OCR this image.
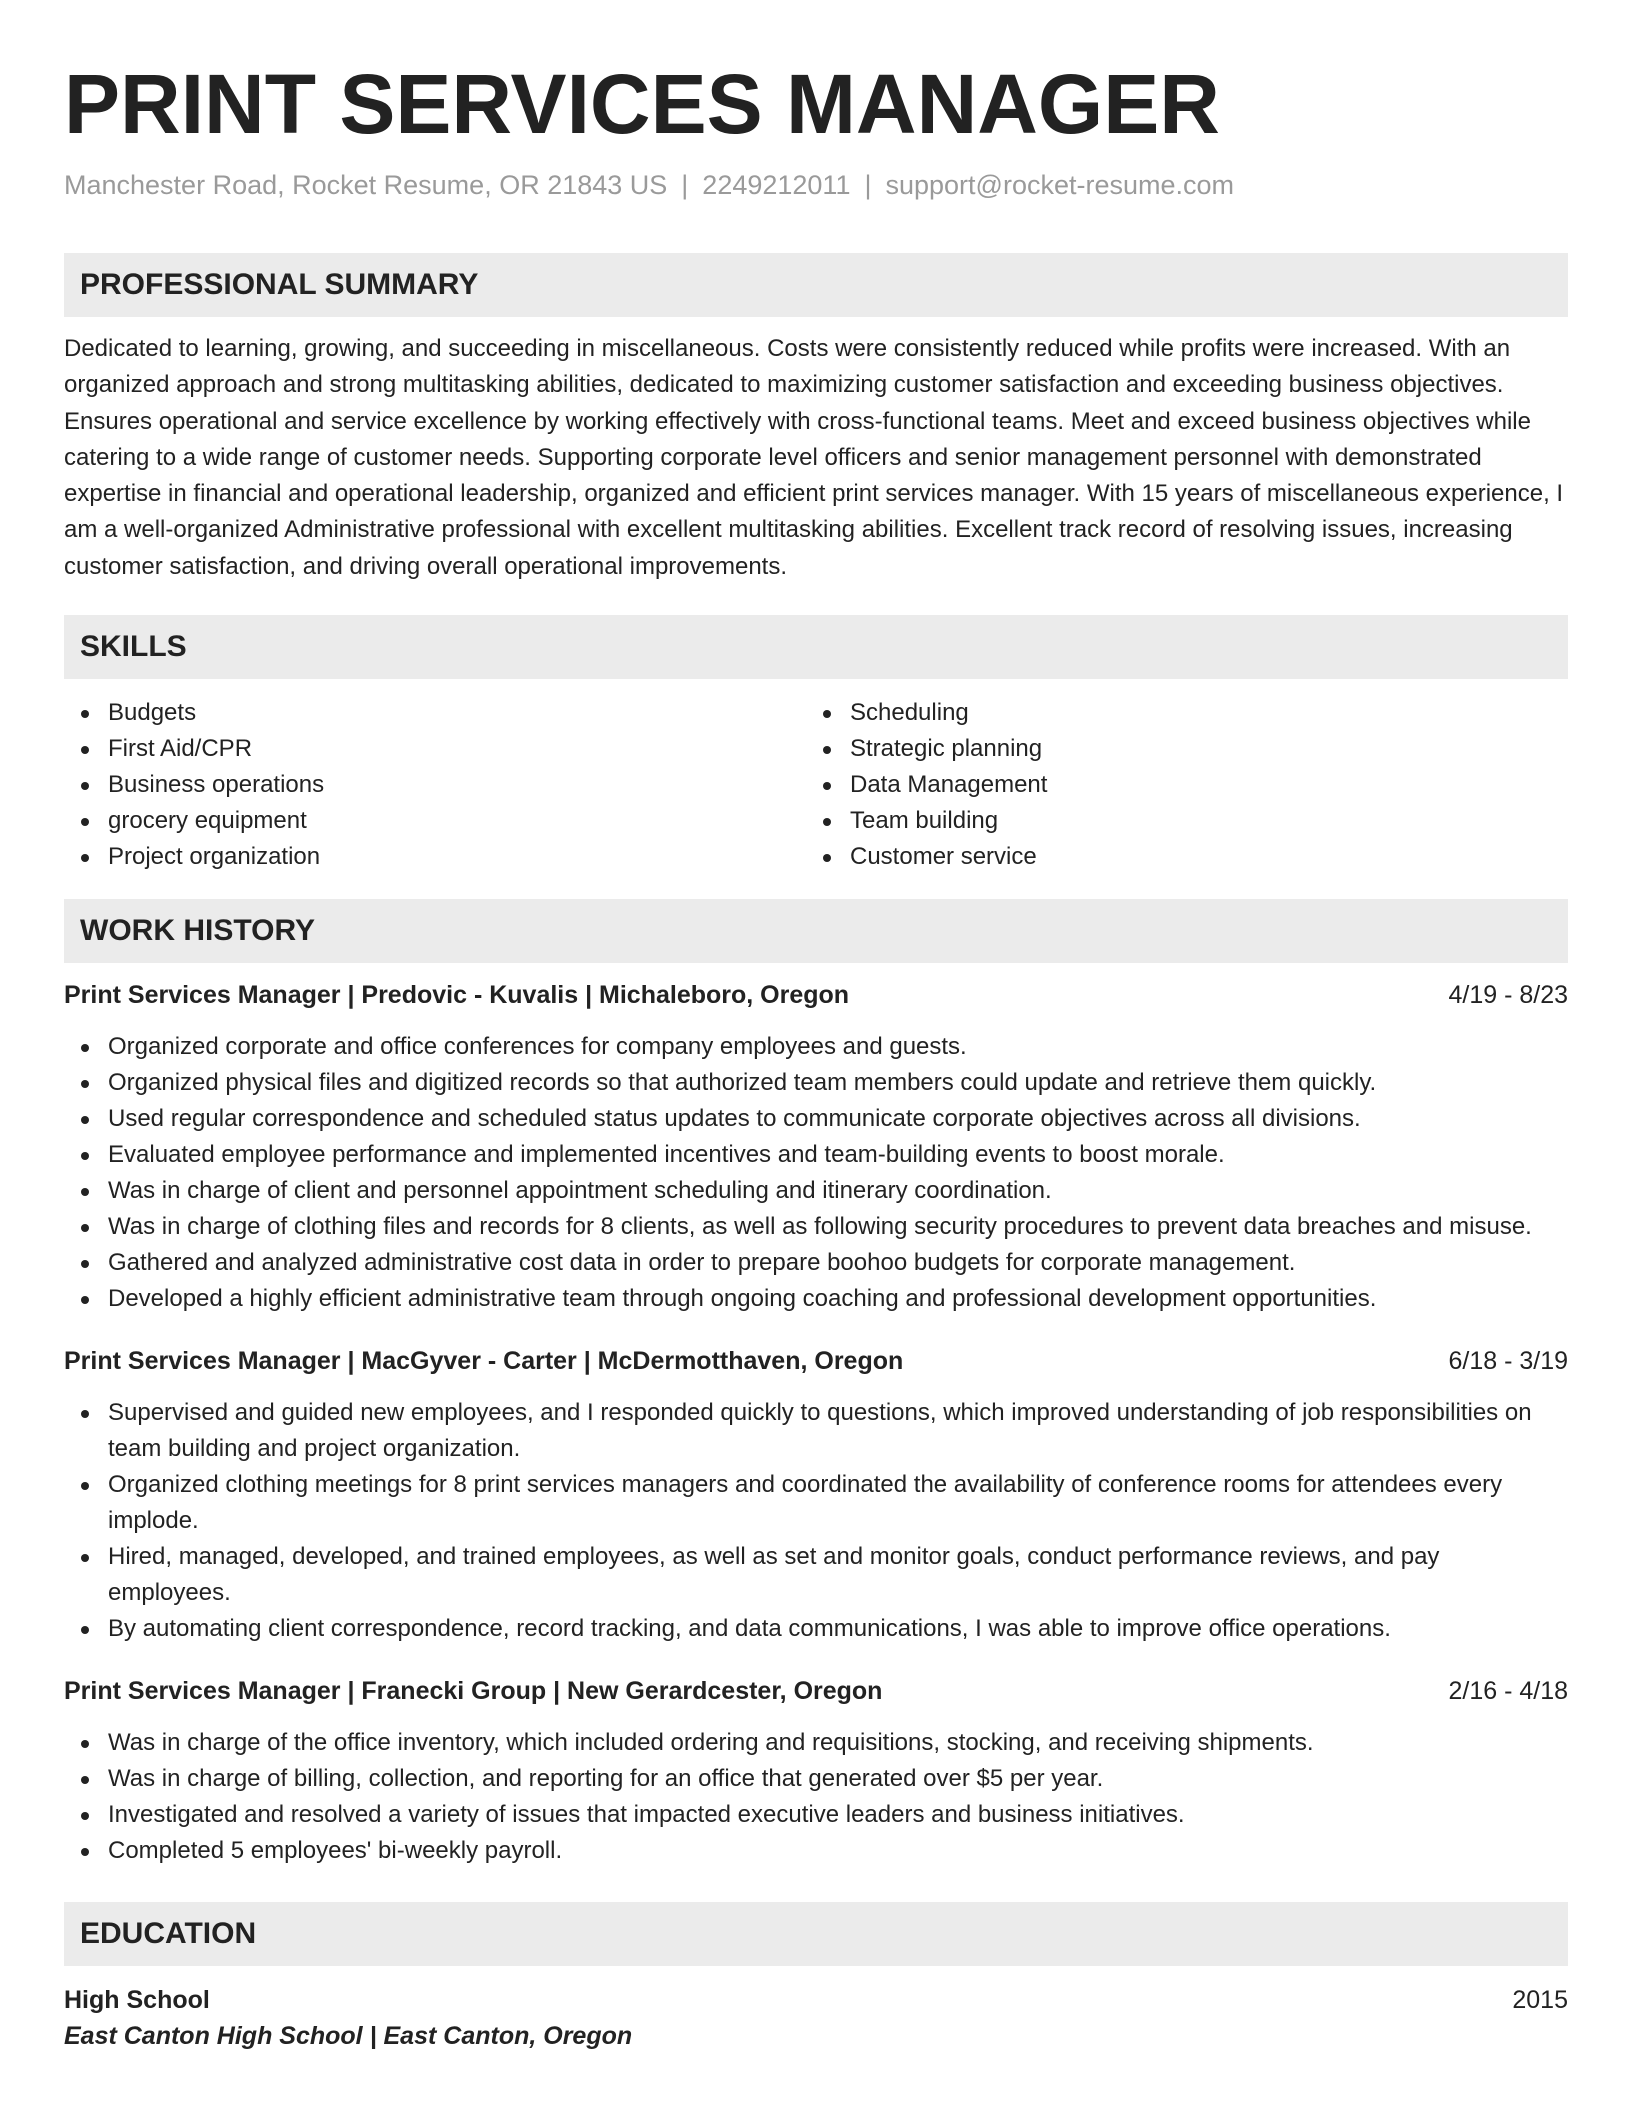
PRINT SERVICES MANAGER
Manchester Road, Rocket Resume, OR 21843 US | 2249212011 | support@rocket-resume.com
PROFESSIONAL SUMMARY
Dedicated to learning, growing, and succeeding in miscellaneous. Costs were consistently reduced while profits were increased. With an organized approach and strong multitasking abilities, dedicated to maximizing customer satisfaction and exceeding business objectives. Ensures operational and service excellence by working effectively with cross-functional teams. Meet and exceed business objectives while catering to a wide range of customer needs. Supporting corporate level officers and senior management personnel with demonstrated expertise in financial and operational leadership, organized and efficient print services manager. With 15 years of miscellaneous experience, I am a well-organized Administrative professional with excellent multitasking abilities. Excellent track record of resolving issues, increasing customer satisfaction, and driving overall operational improvements.
SKILLS
Budgets
First Aid/CPR
Business operations
grocery equipment
Project organization
Scheduling
Strategic planning
Data Management
Team building
Customer service
WORK HISTORY
Print Services Manager | Predovic - Kuvalis | Michaleboro, Oregon	4/19 - 8/23
Organized corporate and office conferences for company employees and guests.
Organized physical files and digitized records so that authorized team members could update and retrieve them quickly.
Used regular correspondence and scheduled status updates to communicate corporate objectives across all divisions.
Evaluated employee performance and implemented incentives and team-building events to boost morale.
Was in charge of client and personnel appointment scheduling and itinerary coordination.
Was in charge of clothing files and records for 8 clients, as well as following security procedures to prevent data breaches and misuse.
Gathered and analyzed administrative cost data in order to prepare boohoo budgets for corporate management.
Developed a highly efficient administrative team through ongoing coaching and professional development opportunities.
Print Services Manager | MacGyver - Carter | McDermotthaven, Oregon	6/18 - 3/19
Supervised and guided new employees, and I responded quickly to questions, which improved understanding of job responsibilities on team building and project organization.
Organized clothing meetings for 8 print services managers and coordinated the availability of conference rooms for attendees every implode.
Hired, managed, developed, and trained employees, as well as set and monitor goals, conduct performance reviews, and pay employees.
By automating client correspondence, record tracking, and data communications, I was able to improve office operations.
Print Services Manager | Franecki Group | New Gerardcester, Oregon	2/16 - 4/18
Was in charge of the office inventory, which included ordering and requisitions, stocking, and receiving shipments.
Was in charge of billing, collection, and reporting for an office that generated over $5 per year.
Investigated and resolved a variety of issues that impacted executive leaders and business initiatives.
Completed 5 employees' bi-weekly payroll.
EDUCATION
High School	2015
East Canton High School | East Canton, Oregon
